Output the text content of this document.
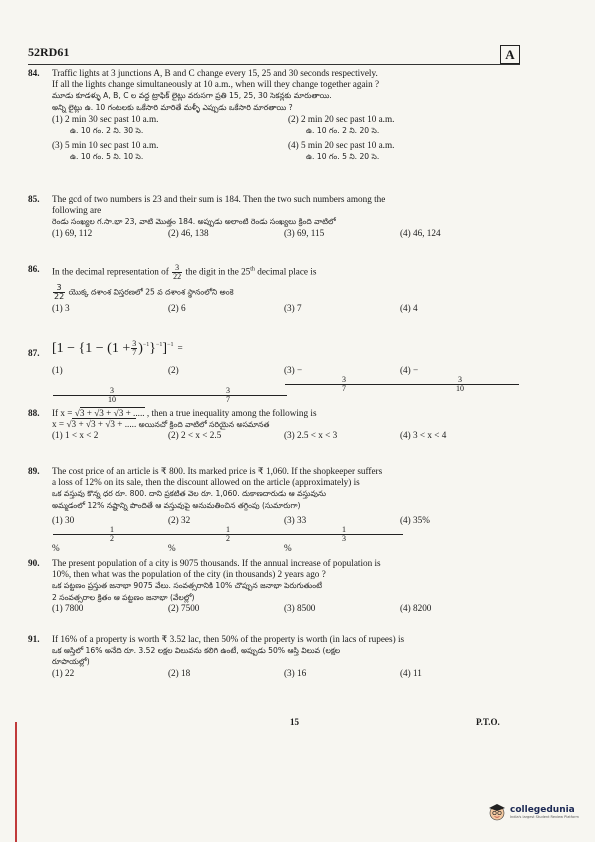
52RD61	A
84. Traffic lights at 3 junctions A, B and C change every 15, 25 and 30 seconds respectively.
If all the lights change simultaneously at 10 a.m., when will they change together again ?
మూడు కూడళ్ళు A, B, C ల వద్ద ట్రాఫిక్ లైట్లు వరుసగా ప్రతి 15, 25, 30 సెకన్లకు మారుతాయి.
అన్ని లైట్లు ఉ. 10 గంటలకు ఒకేసారి మారితే మళ్ళీ ఎప్పుడు ఒకేసారి మారతాయి ?
(1) 2 min 30 sec past 10 a.m.
ఉ. 10 గం. 2 ని. 30 సె.
(2) 2 min 20 sec past 10 a.m.
ఉ. 10 గం. 2 ని. 20 సె.
(3) 5 min 10 sec past 10 a.m.
ఉ. 10 గం. 5 ని. 10 సె.
(4) 5 min 20 sec past 10 a.m.
ఉ. 10 గం. 5 ని. 20 సె.
85. The gcd of two numbers is 23 and their sum is 184. Then the two such numbers among the
following are
రెండు సంఖ్యల గ.సా.భా 23, వాటి మొత్తం 184. అప్పుడు అలాంటి రెండు సంఖ్యలు క్రింది వాటిలో
(1) 69, 112	(2) 46, 138	(3) 69, 115	(4) 46, 124
86. In the decimal representation of $\frac{3}{22}$ the digit in the 25th decimal place is
$\frac{3}{22}$ యొక్క దశాంశ విస్తరణలో 25 వ దశాంశ స్థానంలోని అంకె
(1) 3	(2) 6	(3) 7	(4) 4
87. [$1 - \{1 - (1 + \frac{3}{7} )^{-1}$ }$^{-1}$ ]$^{-1}$ =
(1)
$\frac{3}{10}$
(2)
$\frac{3}{7}$
(3) −
$\frac{3}{7}$
(4) −
$\frac{3}{10}$
88. If x = √3 + √3 + √3 + ..... , then a true inequality among the following is
x = √3 + √3 + √3 + ..... అయినచో క్రింది వాటిలో సరియైన అసమానత
(1) 1 < x < 2	(2) 2 < x < 2.5	(3) 2.5 < x < 3	(4) 3 < x < 4
89. The cost price of an article is ₹ 800. Its marked price is ₹ 1,060. If the shopkeeper suffers
a loss of 12% on its sale, then the discount allowed on the article (approximately) is
ఒక వస్తువు కొన్న ధర రూ. 800. దాని ప్రకటిత వెల రూ. 1,060. దుకాణదారుడు ఆ వస్తువును
అమ్మడంలో 12% నష్టాన్ని పొందితే ఆ వస్తువుపై అనుమతించిన తగ్గింపు (సుమారుగా)
(1) 30
$\frac{1}{2}$
%
(2) 32
$\frac{1}{2}$
%
(3) 33
$\frac{1}{3}$
%
(4) 35%
90. The present population of a city is 9075 thousands. If the annual increase of population is
10%, then what was the population of the city (in thousands) 2 years ago ?
ఒక పట్టణం ప్రస్తుత జనాభా 9075 వేలు. సంవత్సరానికి 10% చొప్పున జనాభా పెరుగుతుంటే
2 సంవత్సరాల క్రితం ఆ పట్టణం జనాభా (వేలల్లో)
(1) 7800	(2) 7500	(3) 8500	(4) 8200
91. If 16% of a property is worth ₹ 3.52 lac, then 50% of the property is worth (in lacs of rupees) is
ఒక ఆస్తిలో 16% అనేది రూ. 3.52 లక్షల విలువను కలిగి ఉంటే, అప్పుడు 50% ఆస్తి విలువ (లక్షల
రూపాయల్లో)
(1) 22	(2) 18	(3) 16	(4) 11
15	P.T.O.
collegedunia
India's largest Student Review Platform
